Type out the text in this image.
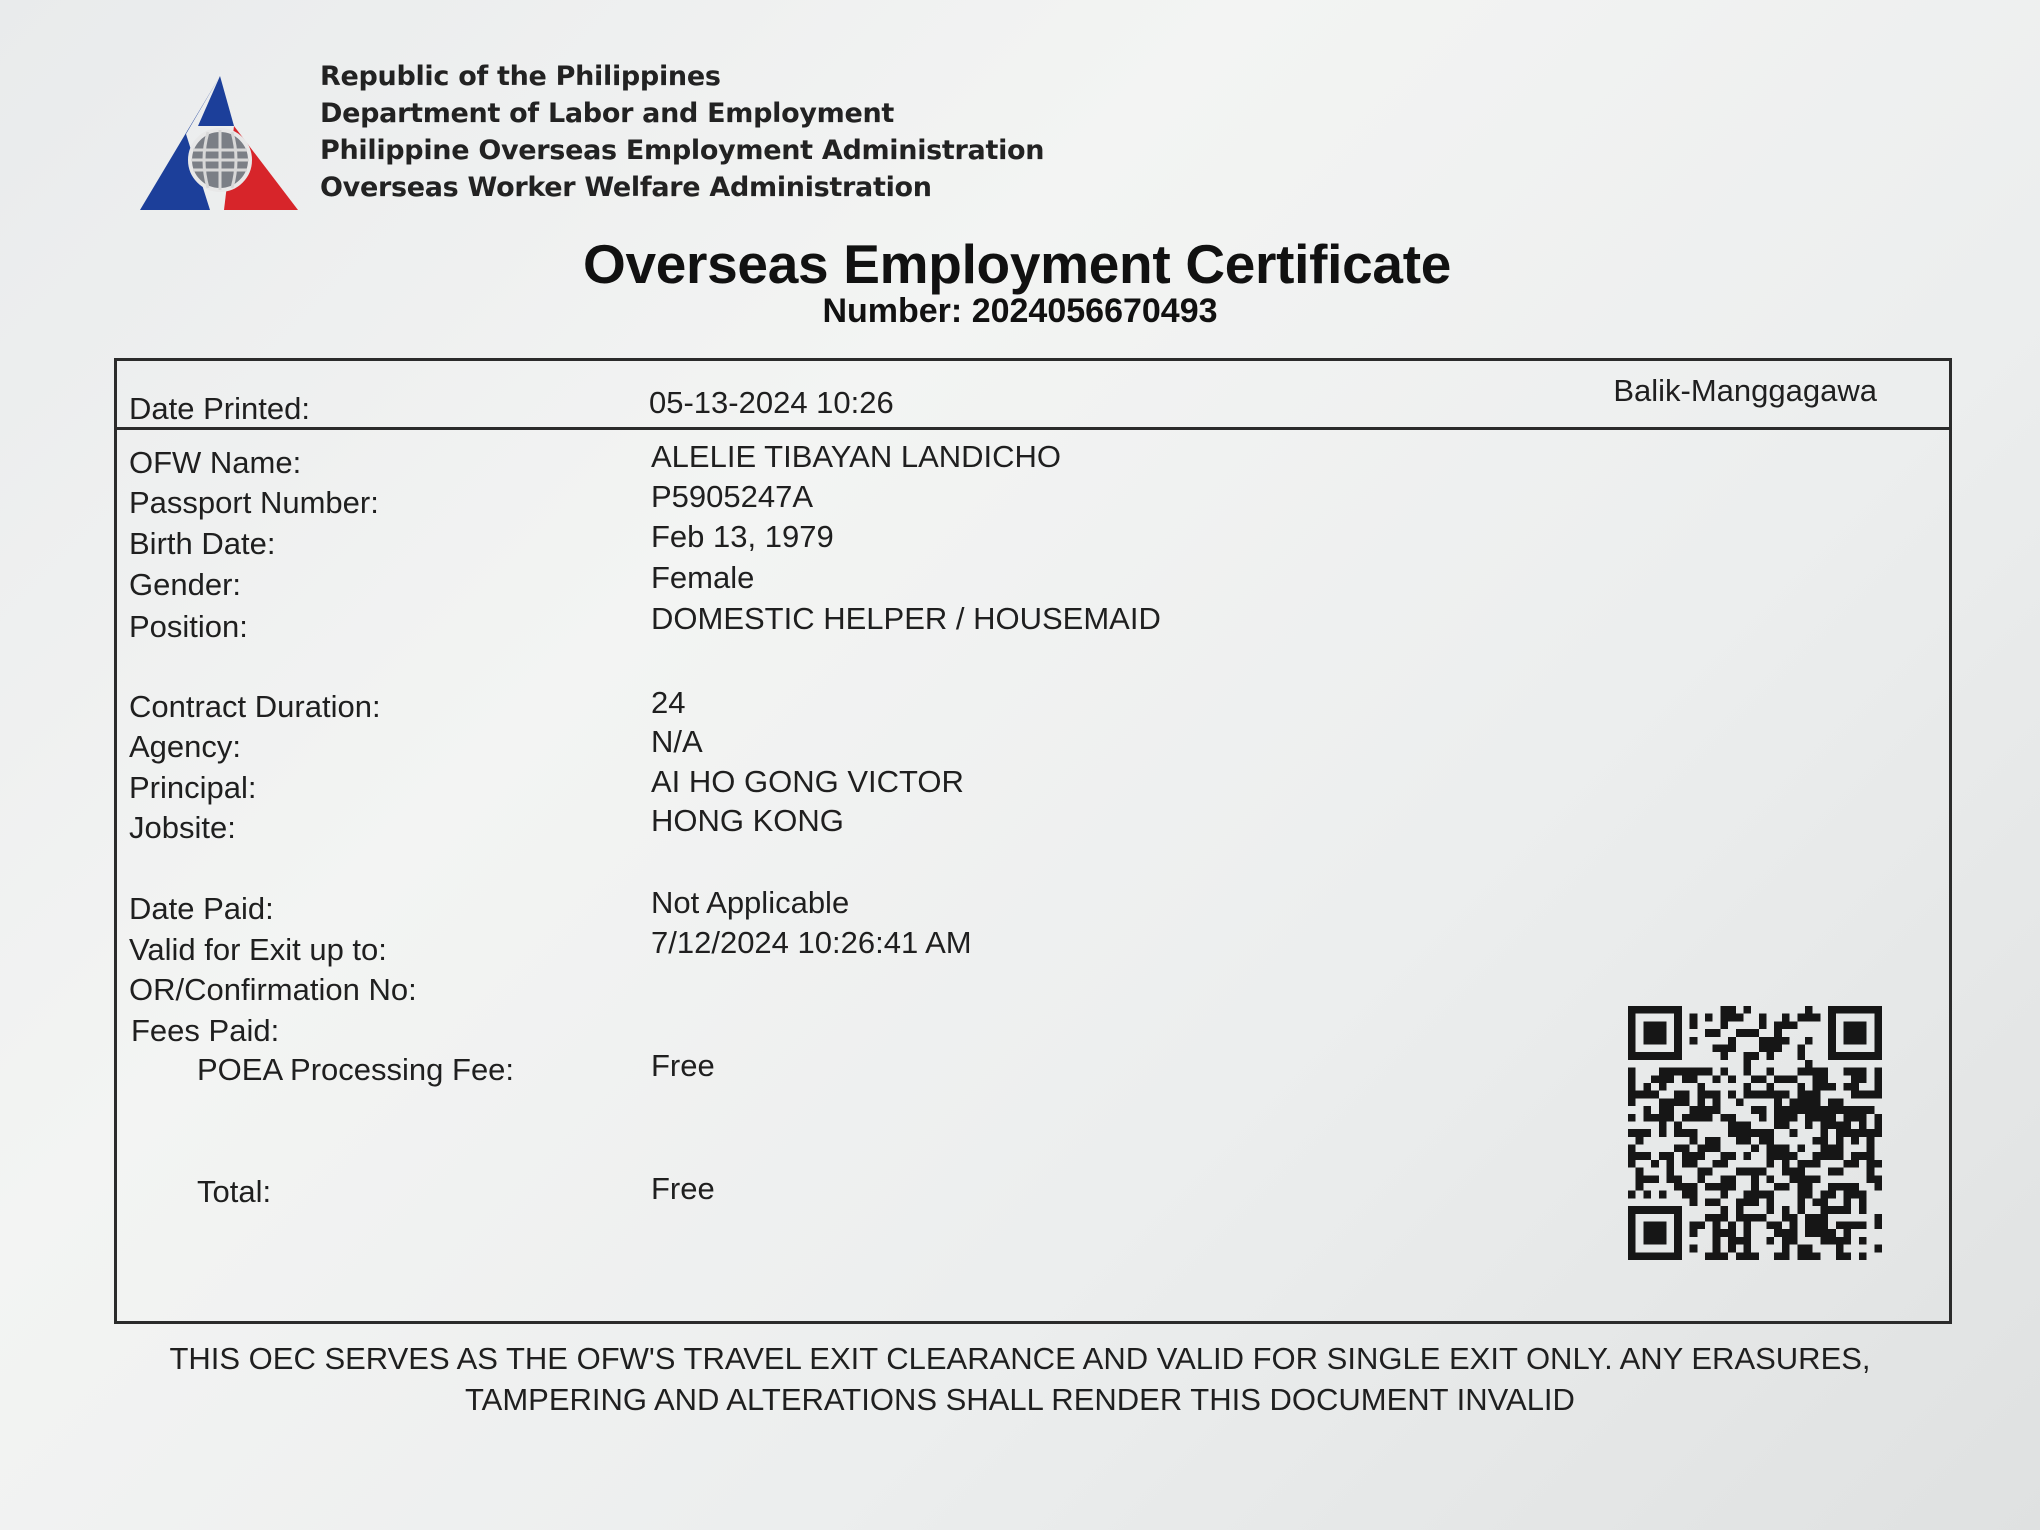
Republic of the Philippines
Department of Labor and Employment
Philippine Overseas Employment Administration
Overseas Worker Welfare Administration
Overseas Employment Certificate
Number: 2024056670493
Date Printed:	05-13-2024 10:26	Balik-Manggagawa
OFW Name:	ALELIE TIBAYAN LANDICHO
Passport Number:	P5905247A
Birth Date:	Feb 13, 1979
Gender:	Female
Position:	DOMESTIC HELPER / HOUSEMAID
Contract Duration:	24
Agency:	N/A
Principal:	AI HO GONG VICTOR
Jobsite:	HONG KONG
Date Paid:	Not Applicable
Valid for Exit up to:	7/12/2024 10:26:41 AM
OR/Confirmation No:
Fees Paid:
POEA Processing Fee:	Free
Total:	Free
THIS OEC SERVES AS THE OFW'S TRAVEL EXIT CLEARANCE AND VALID FOR SINGLE EXIT ONLY. ANY ERASURES,
TAMPERING AND ALTERATIONS SHALL RENDER THIS DOCUMENT INVALID
